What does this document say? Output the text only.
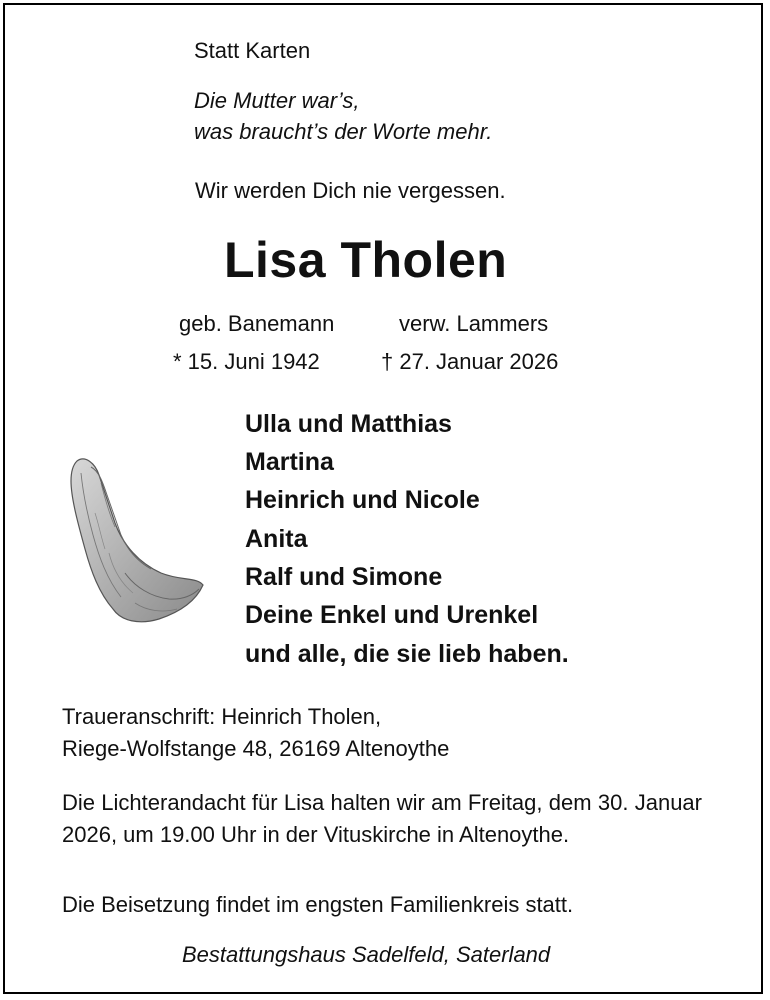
Statt Karten
Die Mutter war’s,
was braucht’s der Worte mehr.
Wir werden Dich nie vergessen.
Lisa Tholen
geb. Banemann	verw. Lammers
* 15. Juni 1942	† 27. Januar 2026
Ulla und Matthias
Martina
Heinrich und Nicole
Anita
Ralf und Simone
Deine Enkel und Urenkel
und alle, die sie lieb haben.
Traueranschrift: Heinrich Tholen,
Riege-Wolfstange 48, 26169 Altenoythe
Die Lichterandacht für Lisa halten wir am Freitag, dem 30. Januar 2026, um 19.00 Uhr in der Vituskirche in Altenoythe.
Die Beisetzung findet im engsten Familienkreis statt.
Bestattungshaus Sadelfeld, Saterland
